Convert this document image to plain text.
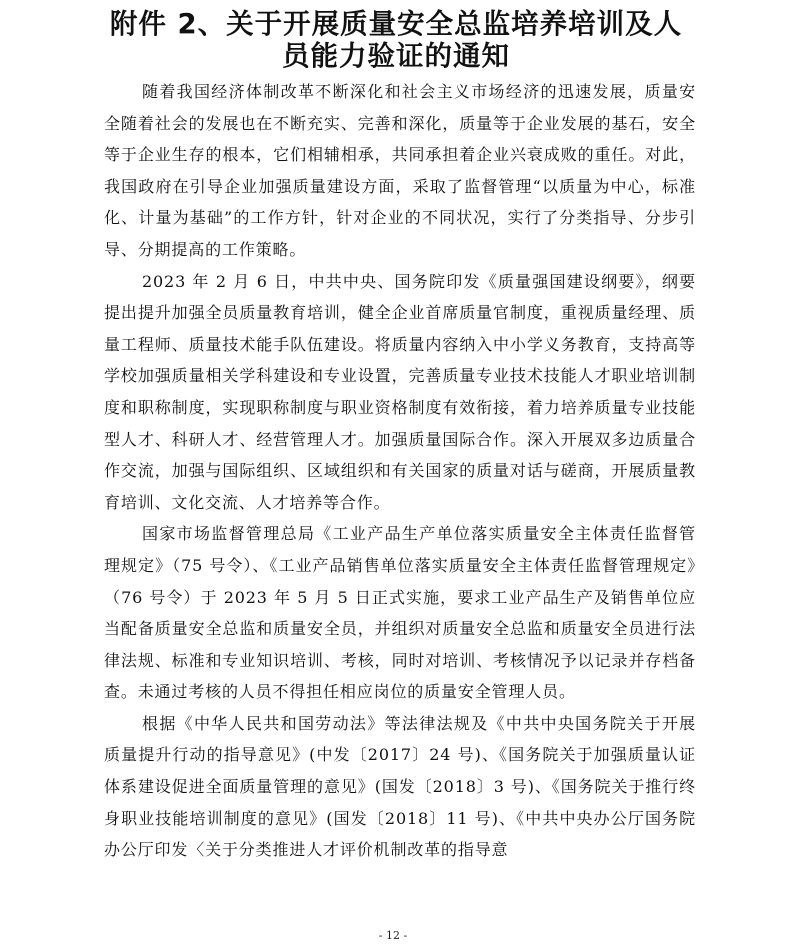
附件 2、关于开展质量安全总监培养培训及人员能力验证的通知

随着我国经济体制改革不断深化和社会主义市场经济的迅速发展，质量安全随着社会的发展也在不断充实、完善和深化，质量等于企业发展的基石，安全等于企业生存的根本，它们相辅相承，共同承担着企业兴衰成败的重任。对此，我国政府在引导企业加强质量建设方面，采取了监督管理“以质量为中心，标准化、计量为基础”的工作方针，针对企业的不同状况，实行了分类指导、分步引导、分期提高的工作策略。

2023 年 2 月 6 日，中共中央、国务院印发《质量强国建设纲要》，纲要提出提升加强全员质量教育培训，健全企业首席质量官制度，重视质量经理、质量工程师、质量技术能手队伍建设。将质量内容纳入中小学义务教育，支持高等学校加强质量相关学科建设和专业设置，完善质量专业技术技能人才职业培训制度和职称制度，实现职称制度与职业资格制度有效衔接，着力培养质量专业技能型人才、科研人才、经营管理人才。加强质量国际合作。深入开展双多边质量合作交流，加强与国际组织、区域组织和有关国家的质量对话与磋商，开展质量教育培训、文化交流、人才培养等合作。

国家市场监督管理总局《工业产品生产单位落实质量安全主体责任监督管理规定》（75 号令）、《工业产品销售单位落实质量安全主体责任监督管理规定》（76 号令）于 2023 年 5 月 5 日正式实施，要求工业产品生产及销售单位应当配备质量安全总监和质量安全员，并组织对质量安全总监和质量安全员进行法律法规、标准和专业知识培训、考核，同时对培训、考核情况予以记录并存档备查。未通过考核的人员不得担任相应岗位的质量安全管理人员。

根据《中华人民共和国劳动法》等法律法规及《中共中央国务院关于开展质量提升行动的指导意见》(中发〔2017〕24 号)、《国务院关于加强质量认证体系建设促进全面质量管理的意见》(国发〔2018〕3 号)、《国务院关于推行终身职业技能培训制度的意见》(国发〔2018〕11 号)、《中共中央办公厅国务院办公厅印发〈关于分类推进人才评价机制改革的指导意

- 12 -
